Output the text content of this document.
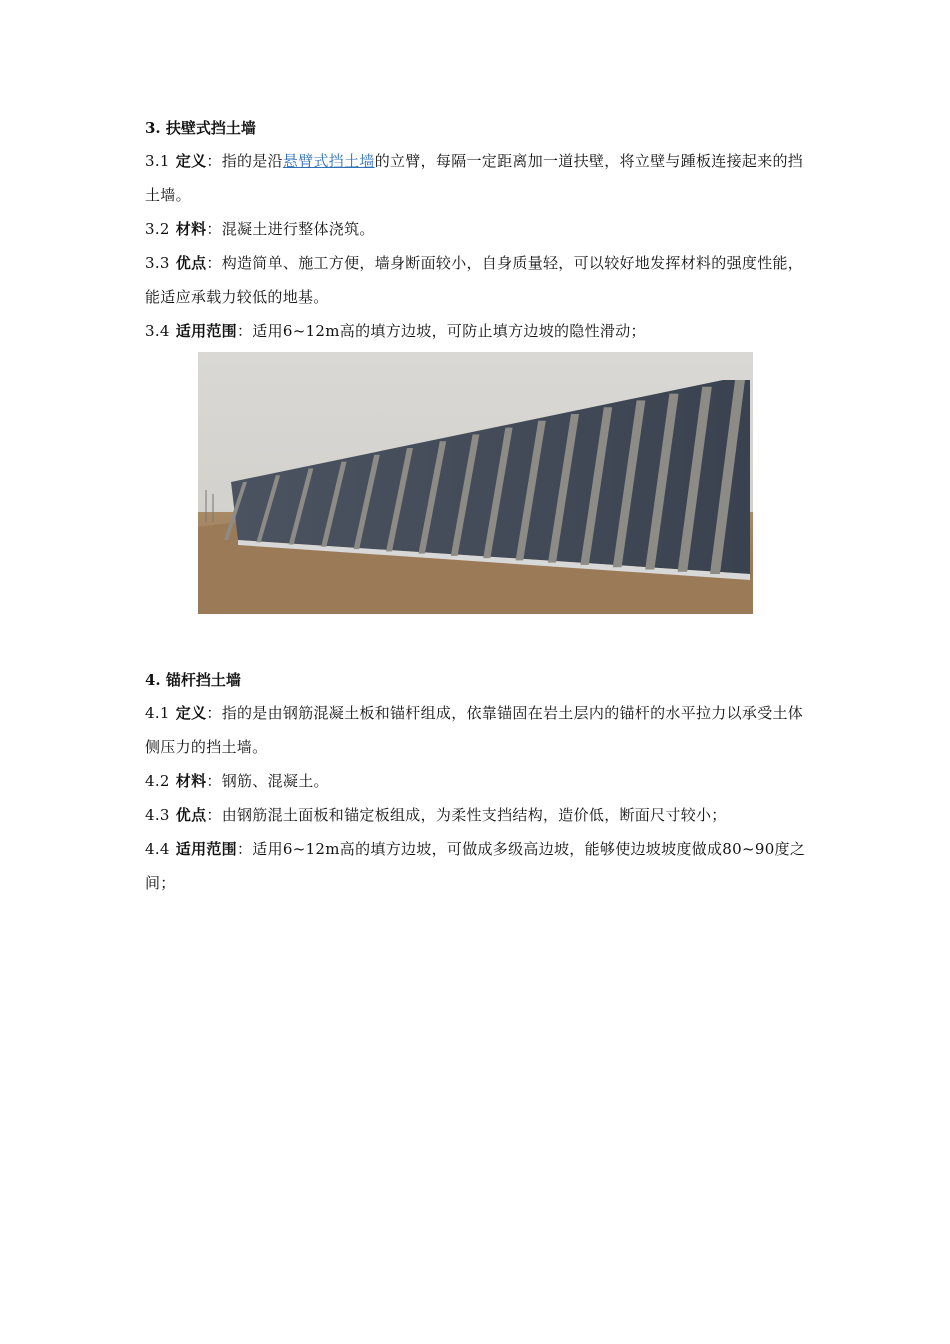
3. 扶壁式挡土墙

3.1 定义：指的是沿悬臂式挡土墙的立臂，每隔一定距离加一道扶壁，将立壁与踵板连接起来的挡土墙。

3.2 材料：混凝土进行整体浇筑。

3.3 优点：构造简单、施工方便，墙身断面较小，自身质量轻，可以较好地发挥材料的强度性能，能适应承载力较低的地基。

3.4 适用范围：适用6~12m高的填方边坡，可防止填方边坡的隐性滑动；

4. 锚杆挡土墙

4.1 定义：指的是由钢筋混凝土板和锚杆组成，依靠锚固在岩土层内的锚杆的水平拉力以承受土体侧压力的挡土墙。

4.2 材料：钢筋、混凝土。

4.3 优点：由钢筋混土面板和锚定板组成，为柔性支挡结构，造价低，断面尺寸较小；

4.4 适用范围：适用6~12m高的填方边坡，可做成多级高边坡，能够使边坡坡度做成80~90度之间；
